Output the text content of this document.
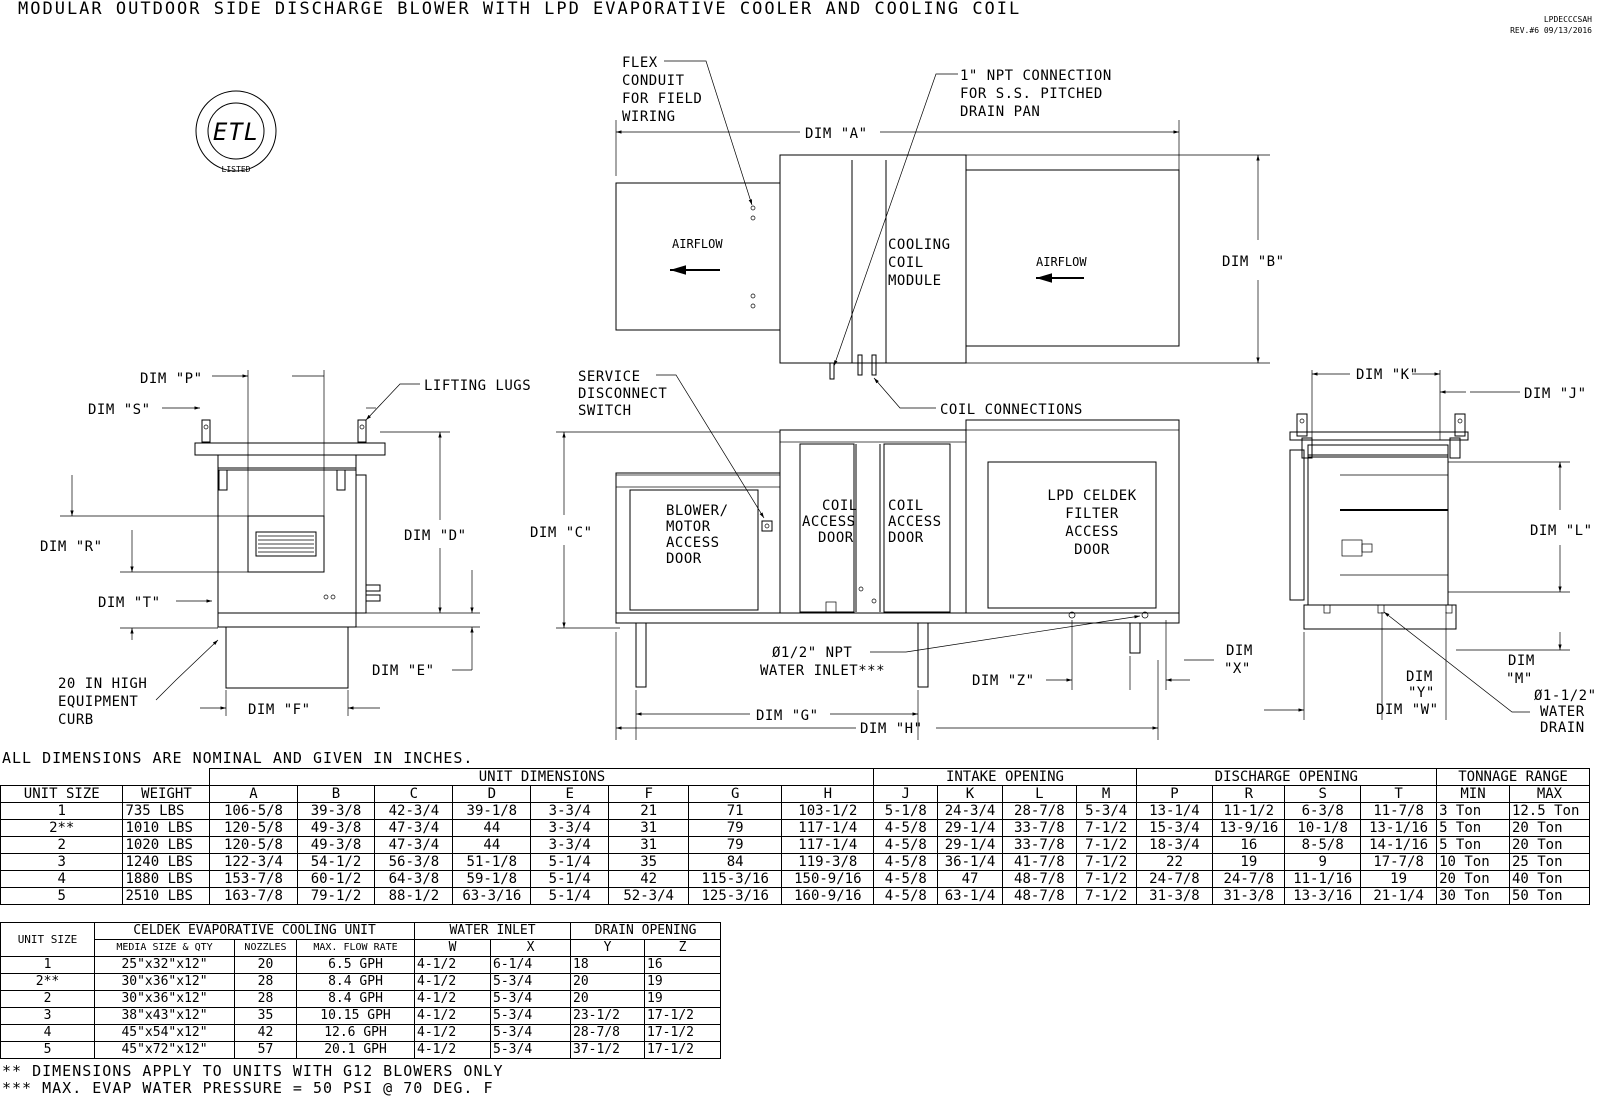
MODULAR OUTDOOR SIDE DISCHARGE BLOWER WITH LPD EVAPORATIVE COOLER AND COOLING COIL
LPDECCCSAH
REV.#6 09/13/2016
ETL
LISTED
AIRFLOW
AIRFLOW
COOLING
COIL
MODULE
DIM "A"
DIM "B"
FLEX
CONDUIT
FOR FIELD
WIRING
1" NPT CONNECTION
FOR S.S. PITCHED
DRAIN PAN
COIL CONNECTIONS
DIM "P"
DIM "S"
LIFTING LUGS
DIM "R"
DIM "T"
DIM "D"
DIM "E"
DIM "F"
20 IN HIGH
EQUIPMENT
CURB
BLOWER/
MOTOR
ACCESS
DOOR
COIL
ACCESS
DOOR
COIL
ACCESS
DOOR
LPD CELDEK
FILTER
ACCESS
DOOR
SERVICE
DISCONNECT
SWITCH
DIM "C"
Ø1/2" NPT
WATER INLET***
DIM "G"
DIM "H"
DIM "Z"
DIM
"X"
DIM "K"
DIM "J"
DIM "L"
DIM
"M"
DIM
"Y"
DIM "W"
Ø1-1/2"
WATER
DRAIN
ALL DIMENSIONS ARE NOMINAL AND GIVEN IN INCHES.
		UNIT DIMENSIONS								INTAKE OPENING				DISCHARGE OPENING				TONNAGE RANGE	
UNIT SIZE	WEIGHT	A	B	C	D	E	F	G	H	J	K	L	M	P	R	S	T	MIN	MAX
1	735 LBS	106-5/8	39-3/8	42-3/4	39-1/8	3-3/4	21	71	103-1/2	5-1/8	24-3/4	28-7/8	5-3/4	13-1/4	11-1/2	6-3/8	11-7/8	3 Ton	12.5 Ton
2**	1010 LBS	120-5/8	49-3/8	47-3/4	44	3-3/4	31	79	117-1/4	4-5/8	29-1/4	33-7/8	7-1/2	15-3/4	13-9/16	10-1/8	13-1/16	5 Ton	20 Ton
2	1020 LBS	120-5/8	49-3/8	47-3/4	44	3-3/4	31	79	117-1/4	4-5/8	29-1/4	33-7/8	7-1/2	18-3/4	16	8-5/8	14-1/16	5 Ton	20 Ton
3	1240 LBS	122-3/4	54-1/2	56-3/8	51-1/8	5-1/4	35	84	119-3/8	4-5/8	36-1/4	41-7/8	7-1/2	22	19	9	17-7/8	10 Ton	25 Ton
4	1880 LBS	153-7/8	60-1/2	64-3/8	59-1/8	5-1/4	42	115-3/16	150-9/16	4-5/8	47	48-7/8	7-1/2	24-7/8	24-7/8	11-1/16	19	20 Ton	40 Ton
5	2510 LBS	163-7/8	79-1/2	88-1/2	63-3/16	5-1/4	52-3/4	125-3/16	160-9/16	4-5/8	63-1/4	48-7/8	7-1/2	31-3/8	31-3/8	13-3/16	21-1/4	30 Ton	50 Ton
UNIT SIZE	CELDEK EVAPORATIVE COOLING UNIT			WATER INLET		DRAIN OPENING	
	MEDIA SIZE & QTY	NOZZLES	MAX. FLOW RATE	W	X	Y	Z
1	25"x32"x12"	20	6.5 GPH	4-1/2	6-1/4	18	16
2**	30"x36"x12"	28	8.4 GPH	4-1/2	5-3/4	20	19
2	30"x36"x12"	28	8.4 GPH	4-1/2	5-3/4	20	19
3	38"x43"x12"	35	10.15 GPH	4-1/2	5-3/4	23-1/2	17-1/2
4	45"x54"x12"	42	12.6 GPH	4-1/2	5-3/4	28-7/8	17-1/2
5	45"x72"x12"	57	20.1 GPH	4-1/2	5-3/4	37-1/2	17-1/2
** DIMENSIONS APPLY TO UNITS WITH G12 BLOWERS ONLY
*** MAX. EVAP WATER PRESSURE = 50 PSI @ 70 DEG. F
